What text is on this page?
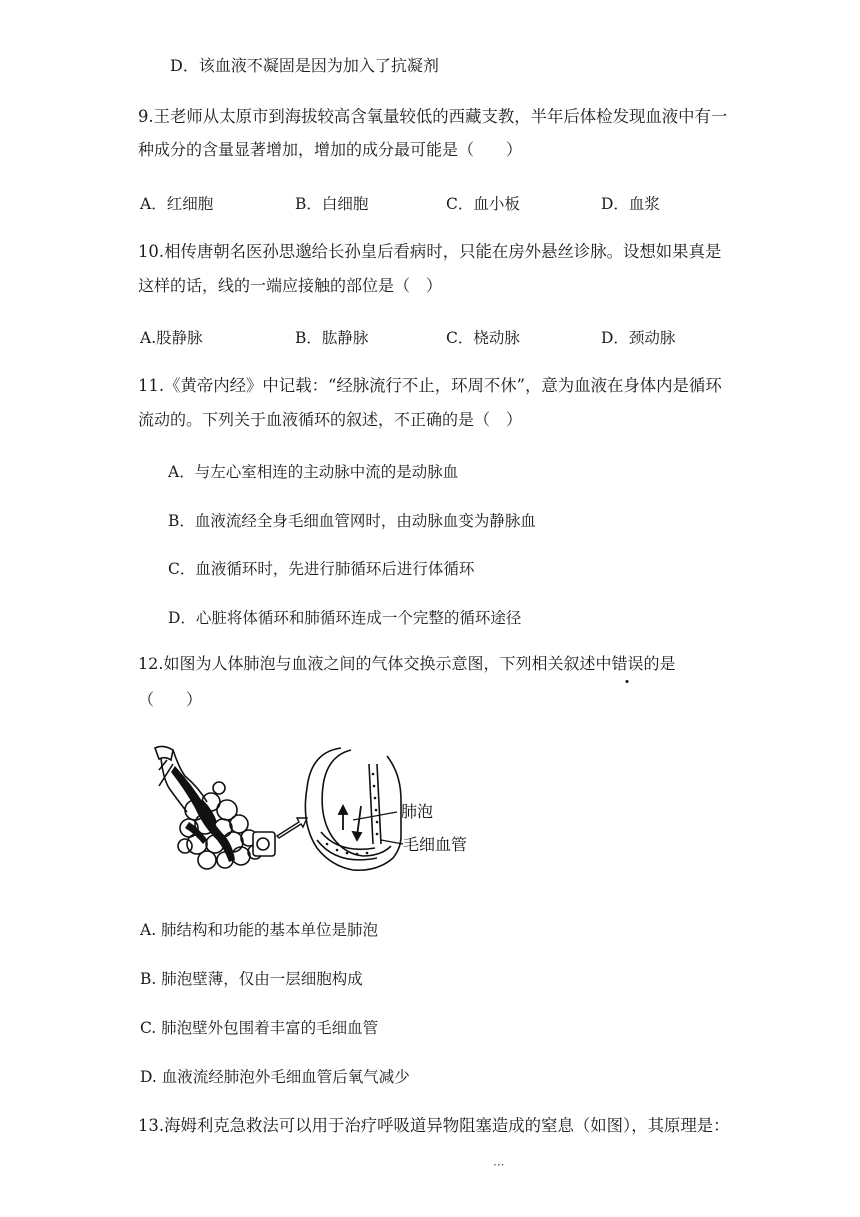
D．该血液不凝固是因为加入了抗凝剂
9.王老师从太原市到海拔较高含氧量较低的西藏支教，半年后体检发现血液中有一
种成分的含量显著增加，增加的成分最可能是（　　）
A．红细胞	B．白细胞	C．血小板	D．血浆
10.相传唐朝名医孙思邈给长孙皇后看病时，只能在房外悬丝诊脉。设想如果真是
这样的话，线的一端应接触的部位是（　）
A.股静脉	B．肱静脉	C．桡动脉	D．颈动脉
11.《黄帝内经》中记载：“经脉流行不止，环周不休”，意为血液在身体内是循环
流动的。下列关于血液循环的叙述，不正确的是（　）
A．与左心室相连的主动脉中流的是动脉血
B．血液流经全身毛细血管网时，由动脉血变为静脉血
C．血液循环时，先进行肺循环后进行体循环
D．心脏将体循环和肺循环连成一个完整的循环途径
12.如图为人体肺泡与血液之间的气体交换示意图，下列相关叙述中错误的是
（　　）
肺泡
毛细血管
A. 肺结构和功能的基本单位是肺泡
B. 肺泡壁薄，仅由一层细胞构成
C. 肺泡壁外包围着丰富的毛细血管
D. 血液流经肺泡外毛细血管后氧气减少
13.海姆利克急救法可以用于治疗呼吸道异物阻塞造成的窒息（如图），其原理是：
···
